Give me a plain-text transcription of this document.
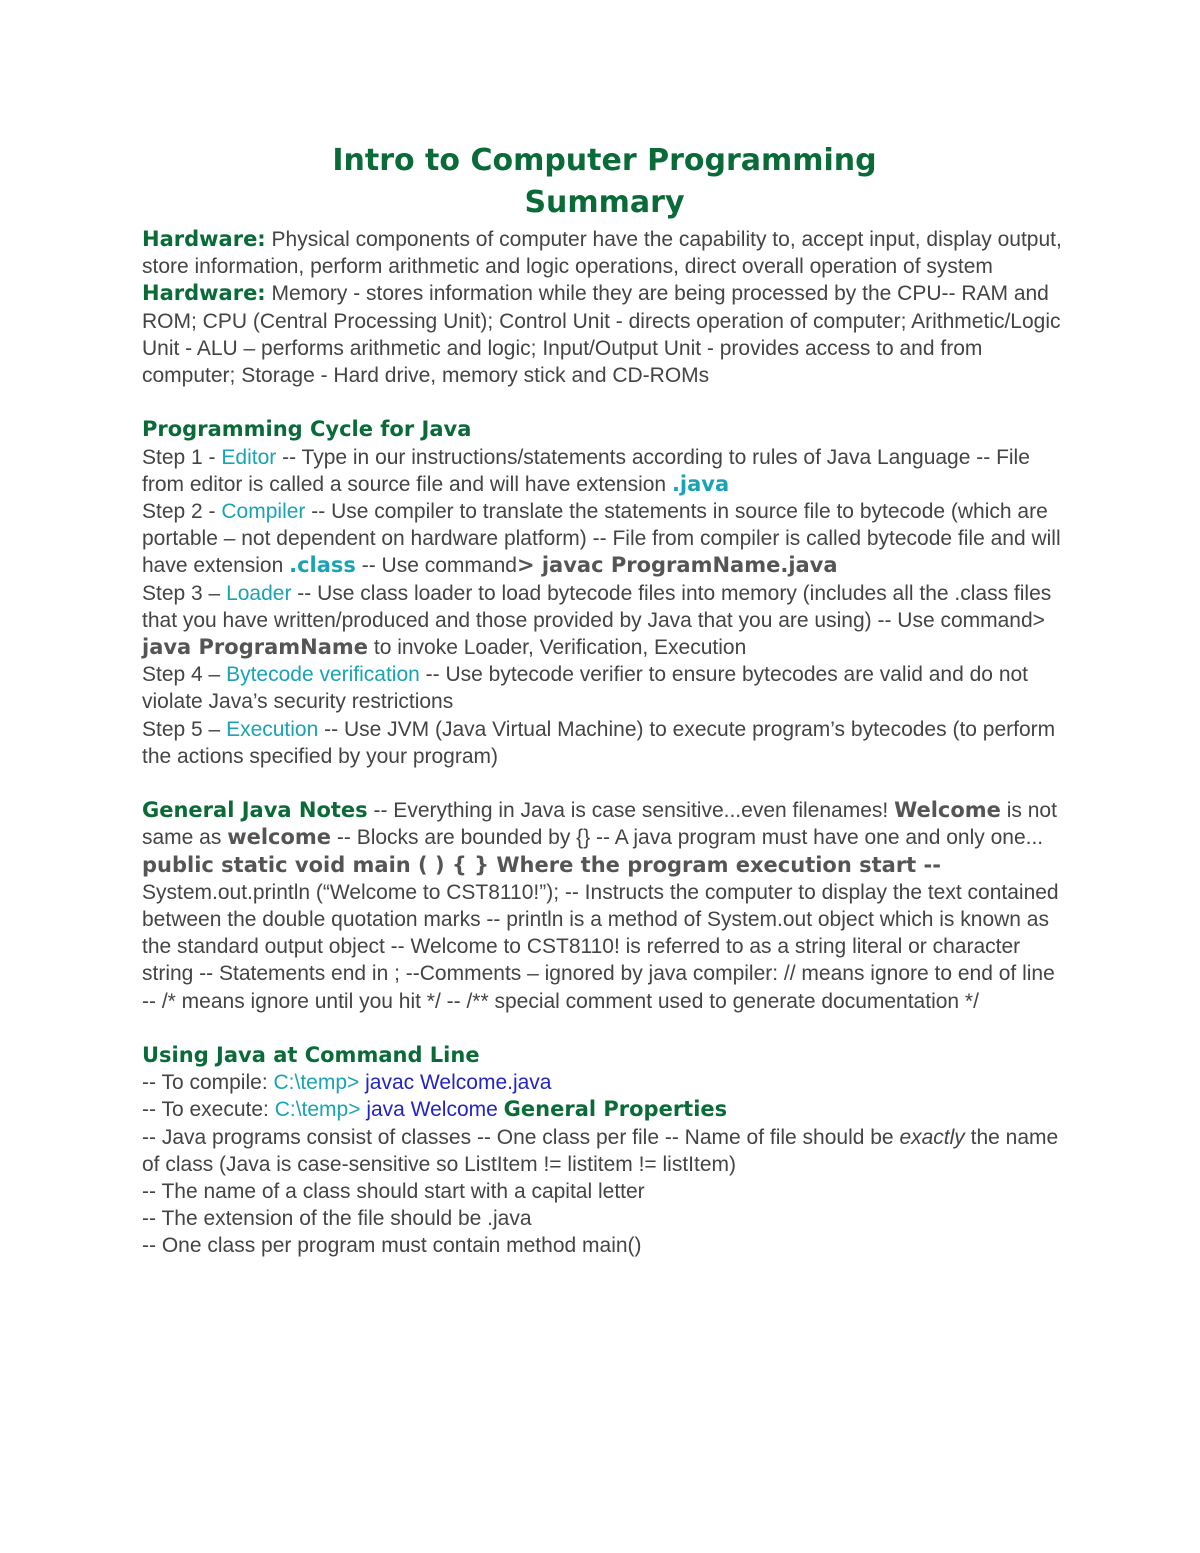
Intro to Computer Programming
Summary

Hardware: Physical components of computer have the capability to, accept input, display output, store information, perform arithmetic and logic operations, direct overall operation of system

Hardware: Memory - stores information while they are being processed by the CPU-- RAM and ROM; CPU (Central Processing Unit); Control Unit - directs operation of computer; Arithmetic/Logic Unit - ALU – performs arithmetic and logic; Input/Output Unit - provides access to and from computer; Storage - Hard drive, memory stick and CD-ROMs

Programming Cycle for Java

Step 1 - Editor -- Type in our instructions/statements according to rules of Java Language -- File from editor is called a source file and will have extension .java

Step 2 - Compiler -- Use compiler to translate the statements in source file to bytecode (which are portable – not dependent on hardware platform) -- File from compiler is called bytecode file and will have extension .class -- Use command> javac ProgramName.java

Step 3 – Loader -- Use class loader to load bytecode files into memory (includes all the .class files that you have written/produced and those provided by Java that you are using) -- Use command> java ProgramName to invoke Loader, Verification, Execution

Step 4 – Bytecode verification -- Use bytecode verifier to ensure bytecodes are valid and do not violate Java’s security restrictions

Step 5 – Execution -- Use JVM (Java Virtual Machine) to execute program’s bytecodes (to perform the actions specified by your program)

General Java Notes -- Everything in Java is case sensitive...even filenames! Welcome is not same as welcome -- Blocks are bounded by {} -- A java program must have one and only one... public static void main ( ) { } Where the program execution start -- System.out.println (“Welcome to CST8110!”); -- Instructs the computer to display the text contained between the double quotation marks -- println is a method of System.out object which is known as the standard output object -- Welcome to CST8110! is referred to as a string literal or character string -- Statements end in ; --Comments – ignored by java compiler: // means ignore to end of line -- /* means ignore until you hit */ -- /** special comment used to generate documentation */

Using Java at Command Line

-- To compile: C:\temp> javac Welcome.java

-- To execute: C:\temp> java Welcome General Properties

-- Java programs consist of classes -- One class per file -- Name of file should be exactly the name of class (Java is case-sensitive so ListItem != listitem != listItem)

-- The name of a class should start with a capital letter

-- The extension of the file should be .java

-- One class per program must contain method main()
